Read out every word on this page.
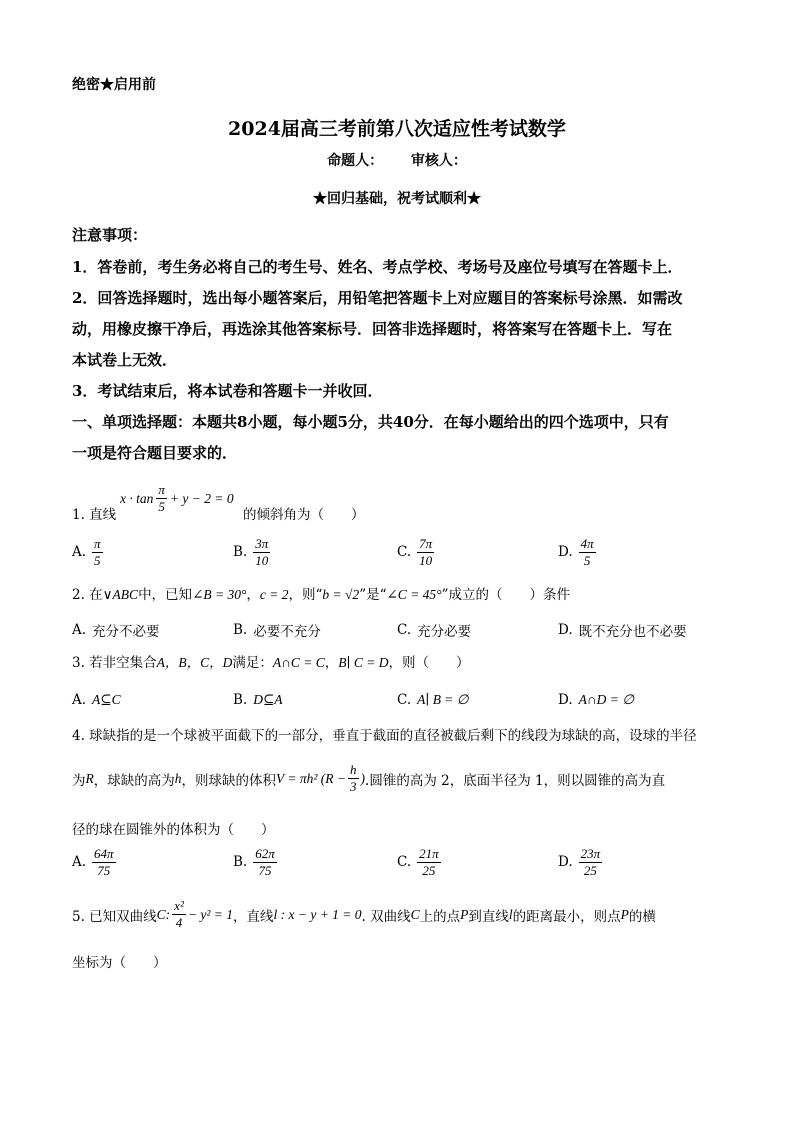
绝密★启用前
2024届高三考前第八次适应性考试数学
命题人： 审核人：
★回归基础，祝考试顺利★
注意事项：
1．答卷前，考生务必将自己的考生号、姓名、考点学校、考场号及座位号填写在答题卡上．
2．回答选择题时，选出每小题答案后，用铅笔把答题卡上对应题目的答案标号涂黑．如需改
动，用橡皮擦干净后，再选涂其他答案标号．回答非选择题时，将答案写在答题卡上．写在
本试卷上无效．
3．考试结束后，将本试卷和答题卡一并收回．
一、单项选择题：本题共8小题，每小题5分，共40分．在每小题给出的四个选项中，只有
一项是符合题目要求的．
1. 直线
$x \cdot \tan \frac{\pi}{5} + y - 2 = 0$
的倾斜角为（　　）
A. $\frac{\pi}{5}$	B. $\frac{3\pi}{10}$	C. $\frac{7\pi}{10}$	D. $\frac{4\pi}{5}$
2. 在∨ABC中，已知∠B = 30°，c = 2，则“b = √2”是“∠C = 45°”成立的（　　）条件
A. 充分不必要	B. 必要不充分	C. 充分必要	D. 既不充分也不必要
3. 若非空集合A，B，C，D满足：A∩C = C，B∣ C = D，则（　　）
A. A⊆C	B. D⊆A	C. A∣ B = ∅	D. A∩D = ∅
4. 球缺指的是一个球被平面截下的一部分，垂直于截面的直径被截后剩下的线段为球缺的高，设球的半径
为 R ，球缺的高为 h ，则球缺的体积 V = πh² ($R - \frac{h}{3}$ ) .圆锥的高为 2，底面半径为 1，则以圆锥的高为直
径的球在圆锥外的体积为（　　）
A. $\frac{64\pi}{75}$	B. $\frac{62\pi}{75}$	C. $\frac{21\pi}{25}$	D. $\frac{23\pi}{25}$
5. 已知双曲线 C: $\frac{\text{x²}}{4} - y^2 = 1$ ，直线 l : x − y + 1 = 0 . 双曲线 C 上的点 P 到直线 l 的距离最小，则点 P 的横
坐标为（　　）
